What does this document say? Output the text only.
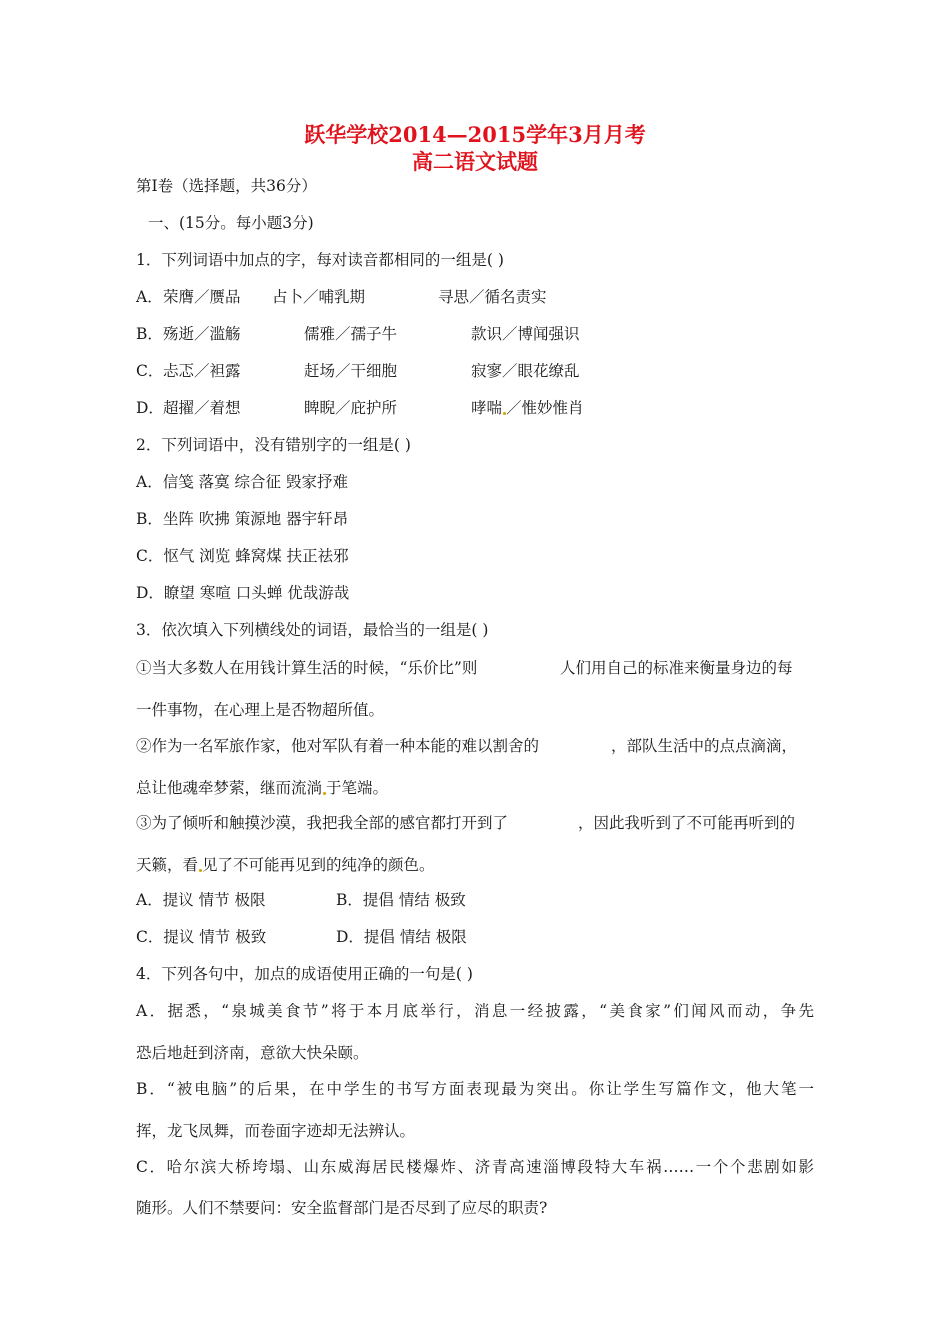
跃华学校2014—2015学年3月月考
高二语文试题
第Ⅰ卷（选择题，共36分）
一、(15分。每小题3分)
1．下列词语中加点的字，每对读音都相同的一组是( )
A． 荣膺／赝品 占卜／哺乳期	寻思／循名责实
B． 殇逝／滥觞	儒雅／孺子牛	款识／博闻强识
C． 忐忑／袒露	赶场／干细胞	寂寥／眼花缭乱
D． 超擢／着想	睥睨／庇护所	哮喘 ／惟妙惟肖
2．下列词语中，没有错别字的一组是( )
A．信笺 落寞 综合征 毁家抒难
B．坐阵 吹拂 策源地 器宇轩昂
C．怄气 浏览 蜂窝煤 扶正祛邪
D．瞭望 寒喧 口头蝉 优哉游哉
3．依次填入下列横线处的词语，最恰当的一组是( )
①当大多数人在用钱计算生活的时候，“乐价比”则	人们用自己的标准来衡量身边的每
一件事物，在心理上是否物超所值。
②作为一名军旅作家，他对军队有着一种本能的难以割舍的	，部队生活中的点点滴滴，
总让他魂牵梦萦，继而流淌 于笔端。
③为了倾听和触摸沙漠，我把我全部的感官都打开到了	，因此我听到了不可能再听到的
天籁，看 见了不可能再见到的纯净的颜色。
A．提议 情节 极限	B．提倡 情结 极致
C．提议 情节 极致	D．提倡 情结 极限
4．下列各句中，加点的成语使用正确的一句是( )
A．据悉，“泉城美食节”将于本月底举行，消息一经披露，“美食家”们闻风而动，争先
恐后地赶到济南，意欲大快朵颐。
B．“被电脑”的后果，在中学生的书写方面表现最为突出。你让学生写篇作文，他大笔一
挥，龙飞凤舞，而卷面字迹却无法辨认。
C．哈尔滨大桥垮塌、山东威海居民楼爆炸、济青高速淄博段特大车祸……一个个悲剧如影
随形。人们不禁要问：安全监督部门是否尽到了应尽的职责?
